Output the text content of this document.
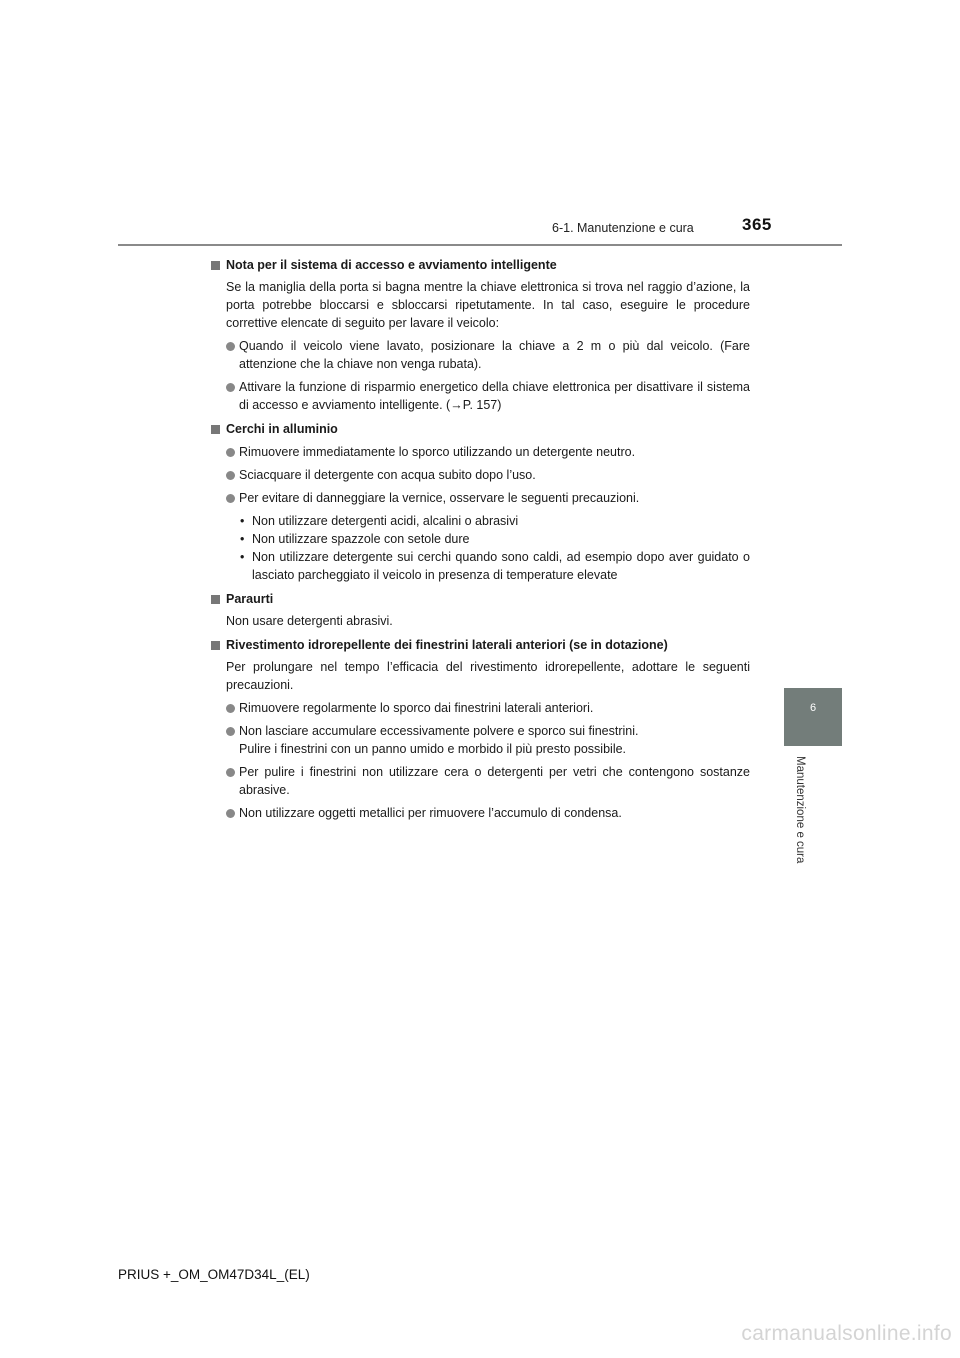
6-1. Manutenzione e cura	365
6
Manutenzione e cura
Nota per il sistema di accesso e avviamento intelligente
Se la maniglia della porta si bagna mentre la chiave elettronica si trova nel raggio d’azione, la porta potrebbe bloccarsi e sbloccarsi ripetutamente. In tal caso, eseguire le procedure correttive elencate di seguito per lavare il veicolo:
Quando il veicolo viene lavato, posizionare la chiave a 2 m o più dal veicolo. (Fare attenzione che la chiave non venga rubata).
Attivare la funzione di risparmio energetico della chiave elettronica per disattivare il sistema di accesso e avviamento intelligente. (→P. 157)
Cerchi in alluminio
Rimuovere immediatamente lo sporco utilizzando un detergente neutro.
Sciacquare il detergente con acqua subito dopo l’uso.
Per evitare di danneggiare la vernice, osservare le seguenti precauzioni.
• Non utilizzare detergenti acidi, alcalini o abrasivi
• Non utilizzare spazzole con setole dure
• Non utilizzare detergente sui cerchi quando sono caldi, ad esempio dopo aver guidato o lasciato parcheggiato il veicolo in presenza di temperature elevate
Paraurti
Non usare detergenti abrasivi.
Rivestimento idrorepellente dei finestrini laterali anteriori (se in dotazione)
Per prolungare nel tempo l’efficacia del rivestimento idrorepellente, adottare le seguenti precauzioni.
Rimuovere regolarmente lo sporco dai finestrini laterali anteriori.
Non lasciare accumulare eccessivamente polvere e sporco sui finestrini.
Pulire i finestrini con un panno umido e morbido il più presto possibile.
Per pulire i finestrini non utilizzare cera o detergenti per vetri che contengono sostanze abrasive.
Non utilizzare oggetti metallici per rimuovere l’accumulo di condensa.
PRIUS +_OM_OM47D34L_(EL)
carmanualsonline.info
